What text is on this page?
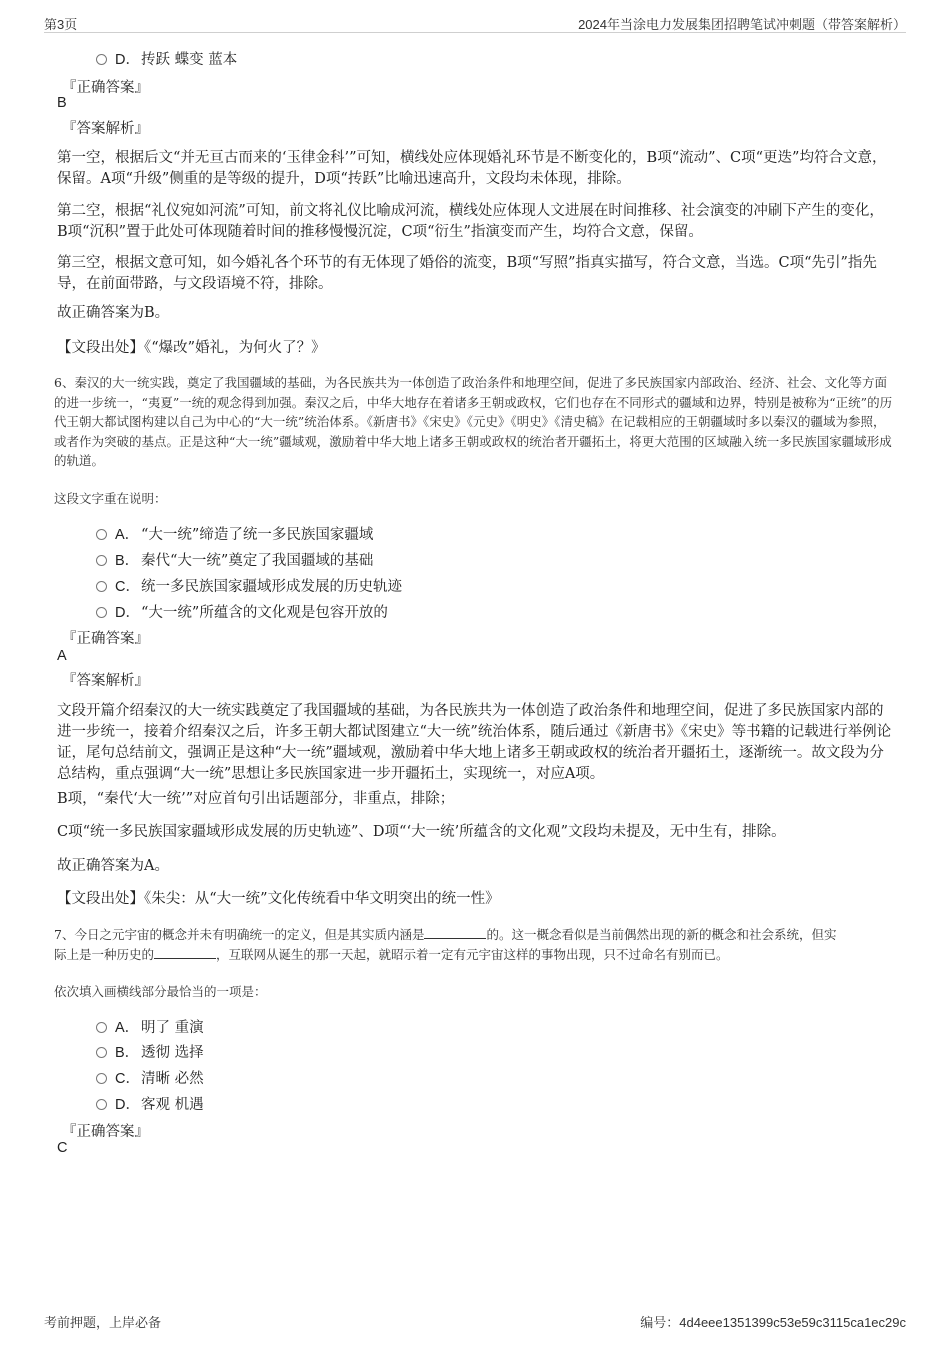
第3页	2024年当涂电力发展集团招聘笔试冲刺题（带答案解析）
D．抟跃 蝶变 蓝本
『正确答案』
B
『答案解析』
第一空，根据后文“并无亘古而来的‘玉律金科’”可知，横线处应体现婚礼环节是不断变化的，B项“流动”、C项“更迭”均符合文意，保留。A项“升级”侧重的是等级的提升，D项“抟跃”比喻迅速高升，文段均未体现，排除。
第二空，根据“礼仪宛如河流”可知，前文将礼仪比喻成河流，横线处应体现人文进展在时间推移、社会演变的冲刷下产生的变化，B项“沉积”置于此处可体现随着时间的推移慢慢沉淀，C项“衍生”指演变而产生，均符合文意，保留。
第三空，根据文意可知，如今婚礼各个环节的有无体现了婚俗的流变，B项“写照”指真实描写，符合文意，当选。C项“先引”指先导，在前面带路，与文段语境不符，排除。
故正确答案为B。
【文段出处】《“爆改”婚礼，为何火了？》
6、秦汉的大一统实践，奠定了我国疆域的基础，为各民族共为一体创造了政治条件和地理空间，促进了多民族国家内部政治、经济、社会、文化等方面的进一步统一，“夷夏”一统的观念得到加强。秦汉之后，中华大地存在着诸多王朝或政权，它们也存在不同形式的疆域和边界，特别是被称为“正统”的历代王朝大都试图构建以自己为中心的“大一统”统治体系。《新唐书》《宋史》《元史》《明史》《清史稿》在记载相应的王朝疆域时多以秦汉的疆域为参照，或者作为突破的基点。正是这种“大一统”疆域观，激励着中华大地上诸多王朝或政权的统治者开疆拓土，将更大范围的区域融入统一多民族国家疆域形成的轨道。
这段文字重在说明：
A． “大一统”缔造了统一多民族国家疆域
B． 秦代“大一统”奠定了我国疆域的基础
C．统一多民族国家疆域形成发展的历史轨迹
D．“大一统”所蕴含的文化观是包容开放的
『正确答案』
A
『答案解析』
文段开篇介绍秦汉的大一统实践奠定了我国疆域的基础，为各民族共为一体创造了政治条件和地理空间，促进了多民族国家内部的进一步统一，接着介绍秦汉之后，许多王朝大都试图建立“大一统”统治体系，随后通过《新唐书》《宋史》等书籍的记载进行举例论证，尾句总结前文，强调正是这种“大一统”疆域观，激励着中华大地上诸多王朝或政权的统治者开疆拓土，逐渐统一。故文段为分总结构，重点强调“大一统”思想让多民族国家进一步开疆拓土，实现统一，对应A项。
B项，“秦代‘大一统’”对应首句引出话题部分，非重点，排除；
C项“统一多民族国家疆域形成发展的历史轨迹”、D项“‘大一统’所蕴含的文化观”文段均未提及，无中生有，排除。
故正确答案为A。
【文段出处】《朱尖：从“大一统”文化传统看中华文明突出的统一性》
7、今日之元宇宙的概念并未有明确统一的定义，但是其实质内涵是	的。这一概念看似是当前偶然出现的新的概念和社会系统，但实
际上是一种历史的	，互联网从诞生的那一天起，就昭示着一定有元宇宙这样的事物出现，只不过命名有别而已。
依次填入画横线部分最恰当的一项是：
A． 明了 重演
B． 透彻 选择
C．清晰 必然
D．客观 机遇
『正确答案』
C
考前押题，上岸必备	编号：4d4eee1351399c53e59c3115ca1ec29c
